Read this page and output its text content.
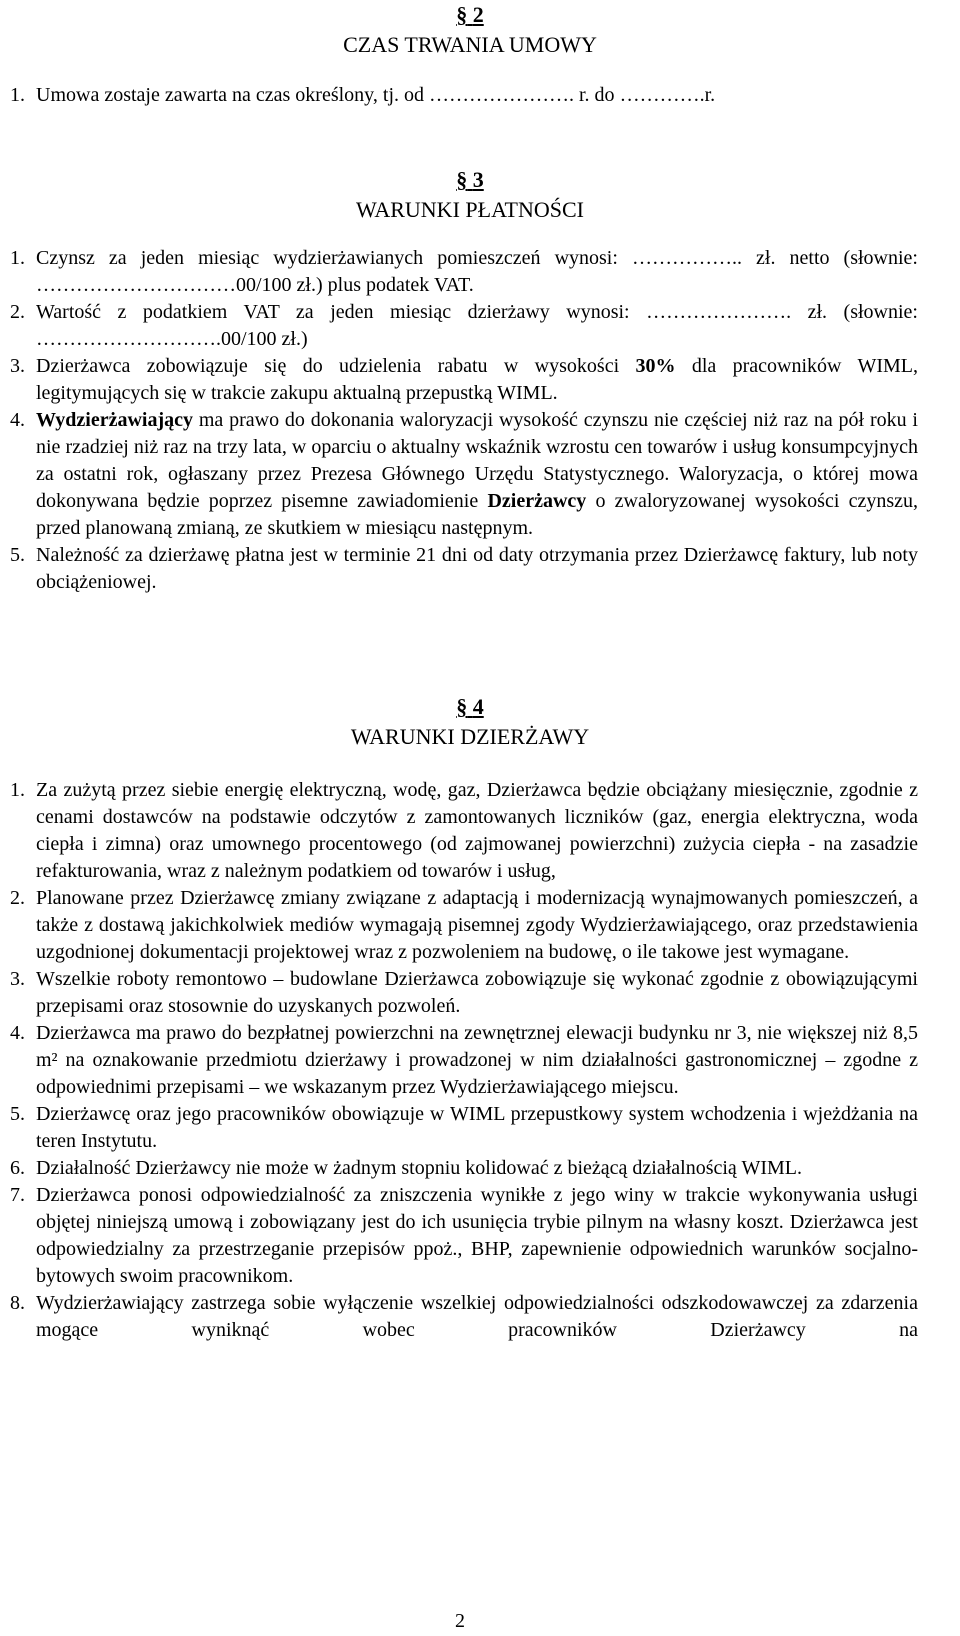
§ 2
CZAS TRWANIA UMOWY
1. Umowa zostaje zawarta na czas określony, tj. od …………………. r. do ………….r.
§ 3
WARUNKI PŁATNOŚCI
1. Czynsz za jeden miesiąc wydzierżawianych pomieszczeń wynosi: …………….. zł. netto (słownie: …………………………00/100 zł.) plus podatek VAT.
2. Wartość z podatkiem VAT za jeden miesiąc dzierżawy wynosi: …………………. zł. (słownie: ……………………….00/100 zł.)
3. Dzierżawca zobowiązuje się do udzielenia rabatu w wysokości 30% dla pracowników WIML, legitymujących się w trakcie zakupu aktualną przepustką WIML.
4. Wydzierżawiający ma prawo do dokonania waloryzacji wysokość czynszu nie częściej niż raz na pół roku i nie rzadziej niż raz na trzy lata, w oparciu o aktualny wskaźnik wzrostu cen towarów i usług konsumpcyjnych za ostatni rok, ogłaszany przez Prezesa Głównego Urzędu Statystycznego. Waloryzacja, o której mowa dokonywana będzie poprzez pisemne zawiadomienie Dzierżawcy o zwaloryzowanej wysokości czynszu, przed planowaną zmianą, ze skutkiem w miesiącu następnym.
5. Należność za dzierżawę płatna jest w terminie 21 dni od daty otrzymania przez Dzierżawcę faktury, lub noty obciążeniowej.
§ 4
WARUNKI DZIERŻAWY
1. Za zużytą przez siebie energię elektryczną, wodę, gaz, Dzierżawca będzie obciążany miesięcznie, zgodnie z cenami dostawców na podstawie odczytów z zamontowanych liczników (gaz, energia elektryczna, woda ciepła i zimna) oraz umownego procentowego (od zajmowanej powierzchni) zużycia ciepła - na zasadzie refakturowania, wraz z należnym podatkiem od towarów i usług,
2. Planowane przez Dzierżawcę zmiany związane z adaptacją i modernizacją wynajmowanych pomieszczeń, a także z dostawą jakichkolwiek mediów wymagają pisemnej zgody Wydzierżawiającego, oraz przedstawienia uzgodnionej dokumentacji projektowej wraz z pozwoleniem na budowę, o ile takowe jest wymagane.
3. Wszelkie roboty remontowo – budowlane Dzierżawca zobowiązuje się wykonać zgodnie z obowiązującymi przepisami oraz stosownie do uzyskanych pozwoleń.
4. Dzierżawca ma prawo do bezpłatnej powierzchni na zewnętrznej elewacji budynku nr 3, nie większej niż 8,5 m² na oznakowanie przedmiotu dzierżawy i prowadzonej w nim działalności gastronomicznej – zgodne z odpowiednimi przepisami – we wskazanym przez Wydzierżawiającego miejscu.
5. Dzierżawcę oraz jego pracowników obowiązuje w WIML przepustkowy system wchodzenia i wjeżdżania na teren Instytutu.
6. Działalność Dzierżawcy nie może w żadnym stopniu kolidować z bieżącą działalnością WIML.
7. Dzierżawca ponosi odpowiedzialność za zniszczenia wynikłe z jego winy w trakcie wykonywania usługi objętej niniejszą umową i zobowiązany jest do ich usunięcia trybie pilnym na własny koszt. Dzierżawca jest odpowiedzialny za przestrzeganie przepisów ppoż., BHP, zapewnienie odpowiednich warunków socjalno-bytowych swoim pracownikom.
8. Wydzierżawiający zastrzega sobie wyłączenie wszelkiej odpowiedzialności odszkodowawczej za zdarzenia mogące wyniknąć wobec pracowników Dzierżawcy na
2
